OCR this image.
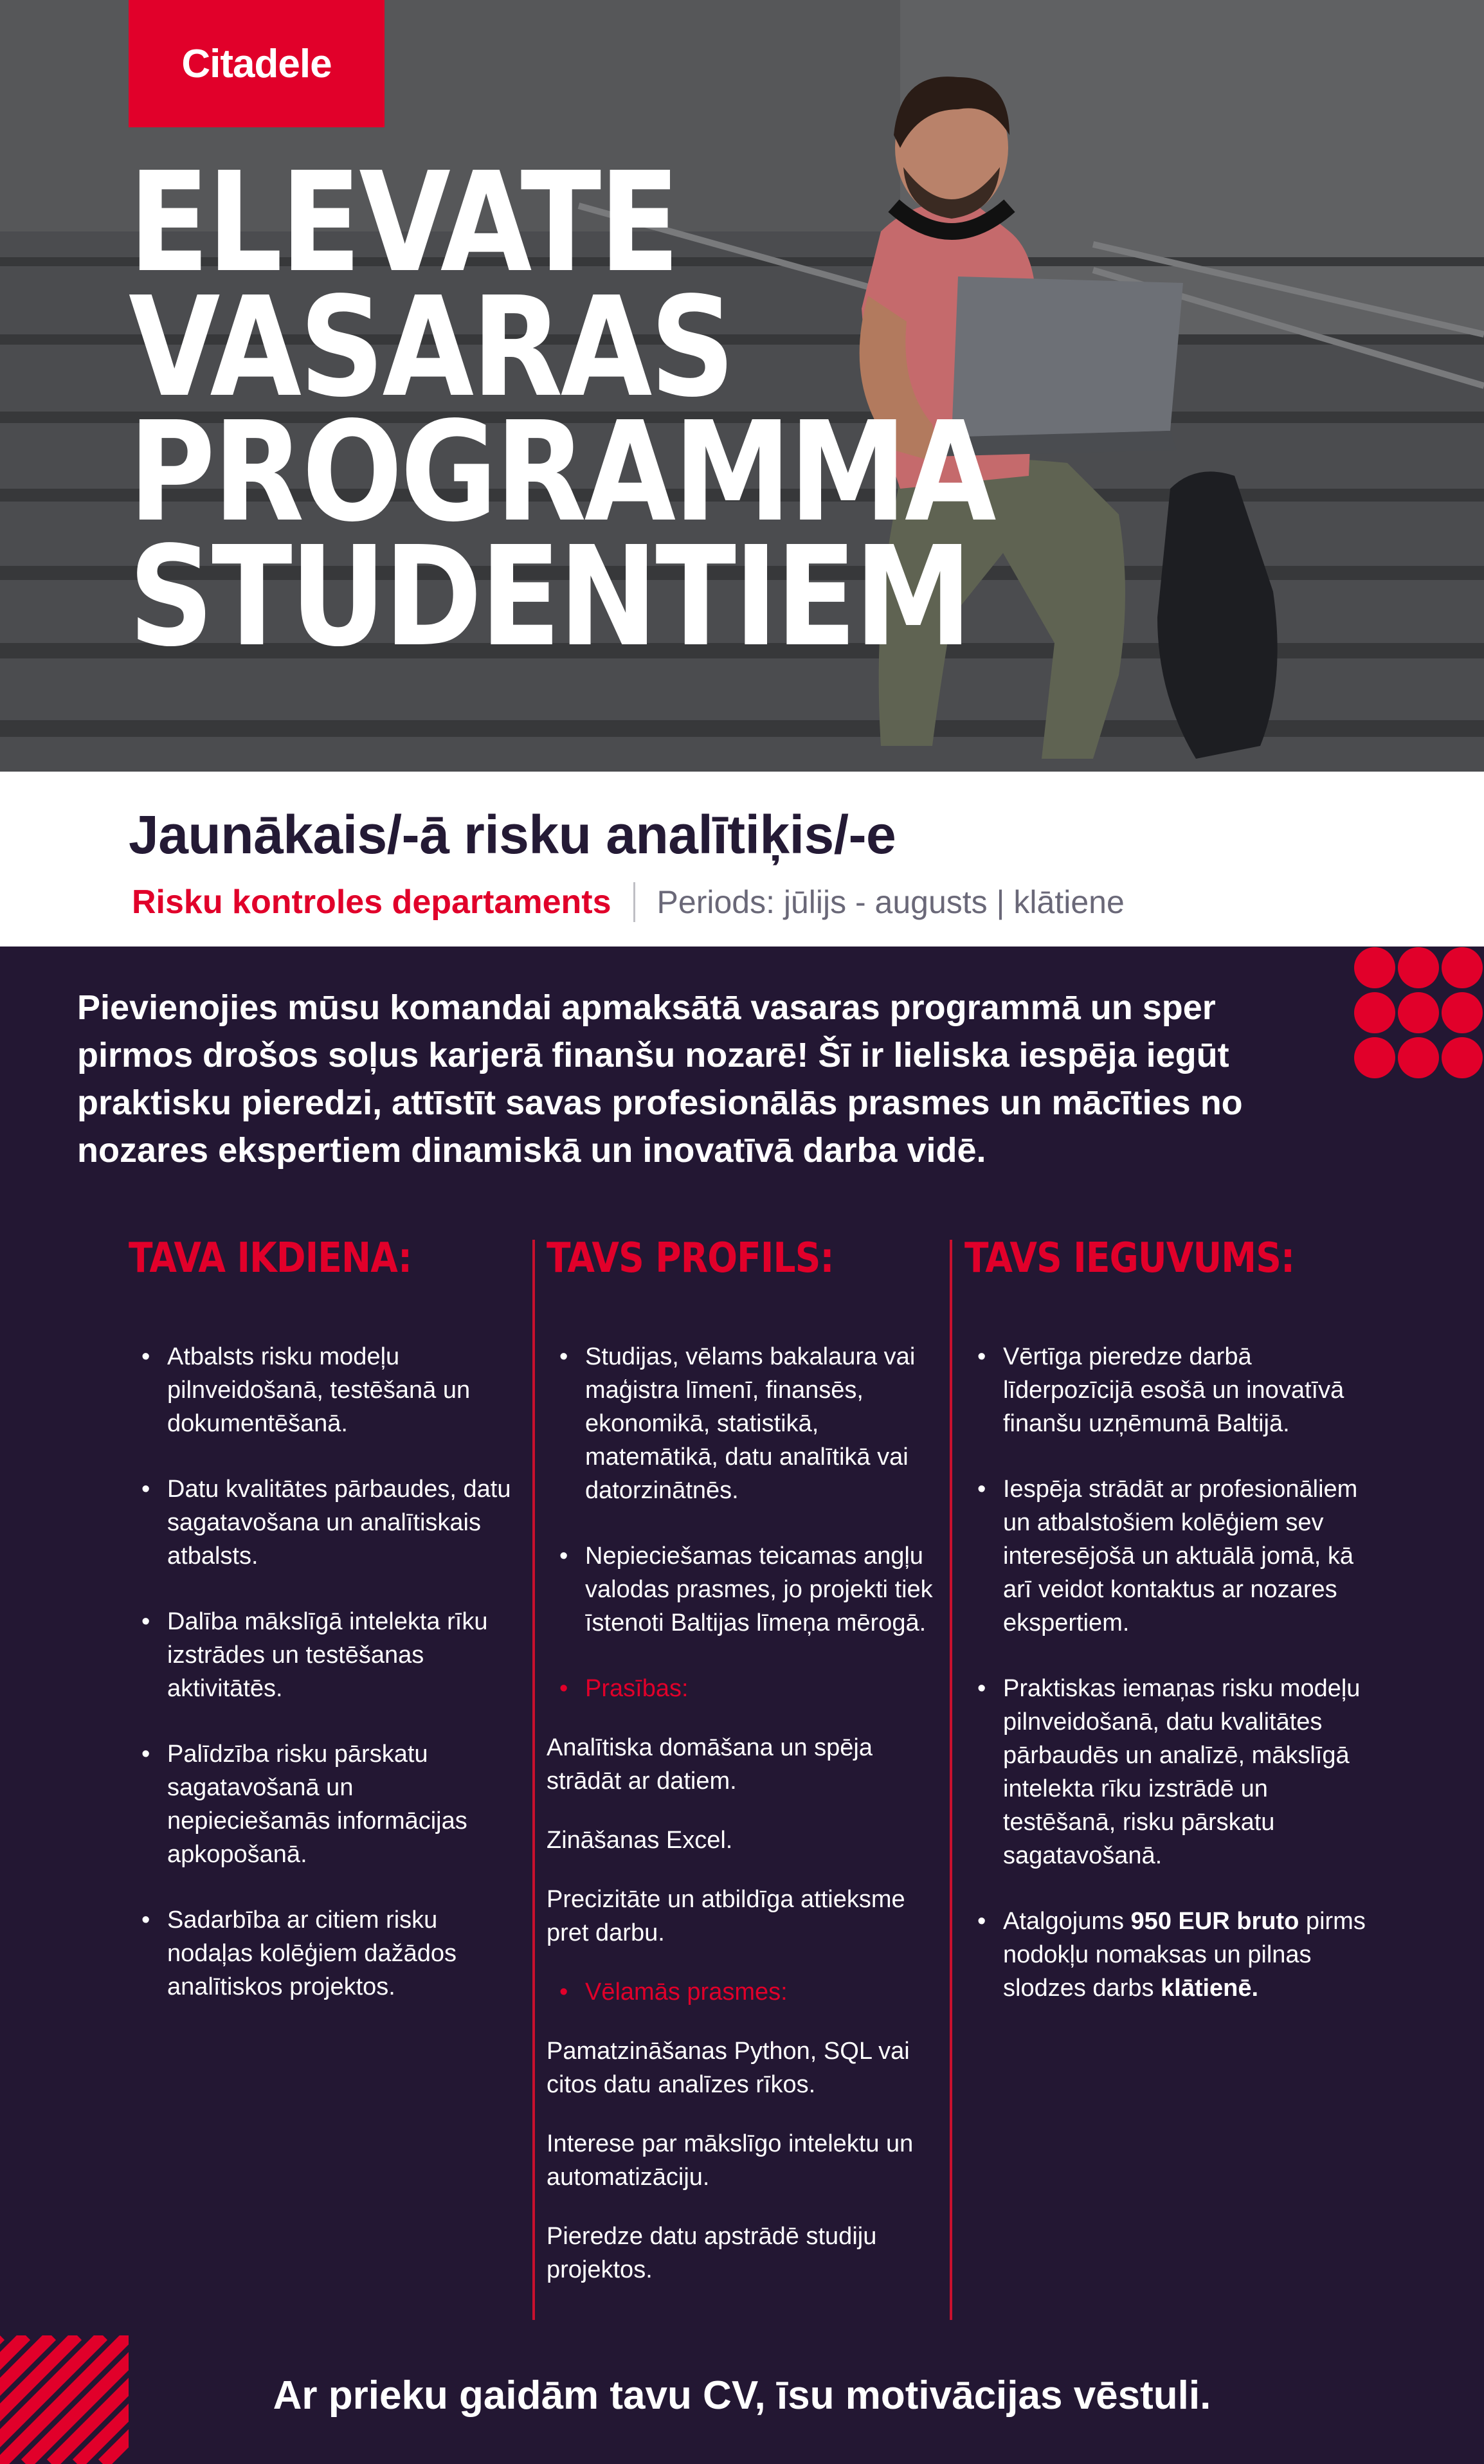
Citadele
ELEVATE
VASARAS
PROGRAMMA
STUDENTIEM
Jaunākais/-ā risku analītiķis/-e
Risku kontroles departaments Periods: jūlijs - augusts | klātiene

Pievienojies mūsu komandai apmaksātā vasaras programmā un sper pirmos drošos soļus karjerā finanšu nozarē! Šī ir lieliska iespēja iegūt praktisku pieredzi, attīstīt savas profesionālās prasmes un mācīties no nozares ekspertiem dinamiskā un inovatīvā darba vidē.

TAVA IKDIENA:
• Atbalsts risku modeļu pilnveidošanā, testēšanā un dokumentēšanā.
• Datu kvalitātes pārbaudes, datu sagatavošana un analītiskais atbalsts.
• Dalība mākslīgā intelekta rīku izstrādes un testēšanas aktivitātēs.
• Palīdzība risku pārskatu sagatavošanā un nepieciešamās informācijas apkopošanā.
• Sadarbība ar citiem risku nodaļas kolēģiem dažādos analītiskos projektos.
TAVS PROFILS:
• Studijas, vēlams bakalaura vai maģistra līmenī, finansēs, ekonomikā, statistikā, matemātikā, datu analītikā vai datorzinātnēs.
• Nepieciešamas teicamas angļu valodas prasmes, jo projekti tiek īstenoti Baltijas līmeņa mērogā.
• Prasības:

Analītiska domāšana un spēja strādāt ar datiem.

Zināšanas Excel.

Precizitāte un atbildīga attieksme pret darbu.

• Vēlamās prasmes:

Pamatzināšanas Python, SQL vai citos datu analīzes rīkos.

Interese par mākslīgo intelektu un automatizāciju.

Pieredze datu apstrādē studiju projektos.

TAVS IEGUVUMS:
• Vērtīga pieredze darbā līderpozīcijā esošā un inovatīvā finanšu uzņēmumā Baltijā.
• Iespēja strādāt ar profesionāliem un atbalstošiem kolēģiem sev interesējošā un aktuālā jomā, kā arī veidot kontaktus ar nozares ekspertiem.
• Praktiskas iemaņas risku modeļu pilnveidošanā, datu kvalitātes pārbaudēs un analīzē, mākslīgā intelekta rīku izstrādē un testēšanā, risku pārskatu sagatavošanā.
• Atalgojums 950 EUR bruto pirms nodokļu nomaksas un pilnas slodzes darbs klātienē.

Ar prieku gaidām tavu CV, īsu motivācijas vēstuli.
